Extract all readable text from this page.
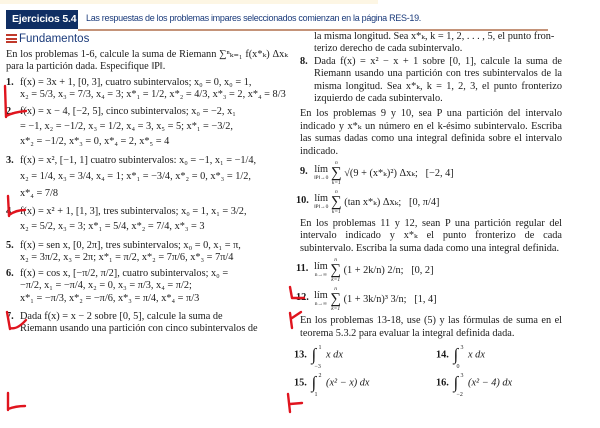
Ejercicios 5.4 Las respuestas de los problemas impares seleccionados comienzan en la página RES-19.
Fundamentos

En los problemas 1-6, calcule la suma de Riemann ∑ⁿₖ₌₁ f(x*ₖ) Δxₖ para la partición dada. Especifique ‖P‖.

1. f(x) = 3x + 1, [0, 3], cuatro subintervalos; x₀ = 0, x₀ = 1,
x₂ = 5/3, x₃ = 7/3, x₄ = 3; x*₁ = 1/2, x*₂ = 4/3, x*₃ = 2, x*₄ = 8/3
2. f(x) = x − 4, [−2, 5], cinco subintervalos; x₀ = −2, x₁
= −1, x₂ = −1/2, x₃ = 1/2, x₄ = 3, x₅ = 5; x*₁ = −3/2,
x*₂ = −1/2, x*₃ = 0, x*₄ = 2, x*₅ = 4
3. f(x) = x², [−1, 1] cuatro subintervalos: x₀ = −1, x₁ = −1/4,
x₂ = 1/4, x₃ = 3/4, x₄ = 1; x*₁ = −3/4, x*₂ = 0, x*₃ = 1/2,
x*₄ = 7/8
4. f(x) = x² + 1, [1, 3], tres subintervalos; x₀ = 1, x₁ = 3/2,
x₂ = 5/2, x₃ = 3; x*₁ = 5/4, x*₂ = 7/4, x*₃ = 3
5. f(x) = sen x, [0, 2π], tres subintervalos; x₀ = 0, x₁ = π,
x₂ = 3π/2, x₃ = 2π; x*₁ = π/2, x*₂ = 7π/6, x*₃ = 7π/4
6. f(x) = cos x, [−π/2, π/2], cuatro subintervalos; x₀ =
−π/2, x₁ = −π/4, x₂ = 0, x₃ = π/3, x₄ = π/2;
x*₁ = −π/3, x*₂ = −π/6, x*₃ = π/4, x*₄ = π/3
7. Dada f(x) = x − 2 sobre [0, 5], calcule la suma de
Riemann usando una partición con cinco subintervalos de
la misma longitud. Sea x*ₖ, k = 1, 2, . . . , 5, el punto fron-
terizo derecho de cada subintervalo.
8. Dada f(x) = x² − x + 1 sobre [0, 1], calcule la suma de Riemann usando una partición con tres subintervalos de la misma longitud. Sea x*ₖ, k = 1, 2, 3, el punto fronterizo izquierdo de cada subintervalo.

En los problemas 9 y 10, sea P una partición del intervalo indicado y x*ₖ un número en el k-ésimo subintervalo. Escriba las sumas dadas como una integral definida sobre el intervalo indicado.

9. lím
‖P‖→0

n
∑
k=1
√(9 + (x*ₖ)²) Δxₖ; [−2, 4]
10. lím
‖P‖→0

n
∑
k=1
(tan x*ₖ) Δxₖ; [0, π/4]

En los problemas 11 y 12, sean P una partición regular del intervalo indicado y x*ₖ el punto fronterizo de cada subintervalo. Escriba la suma dada como una integral definida.

11. lím
n→∞

n
∑
k=1
(1 + 2k/n) 2/n; [0, 2]
12. lím
n→∞

n
∑
k=1
(1 + 3k/n)³ 3/n; [1, 4]

En los problemas 13-18, use (5) y las fórmulas de suma en el teorema 5.3.2 para evaluar la integral definida dada.

13. ∫ 1
−3
x dx	14. ∫ 3
0
x dx
15. ∫ 2
1
(x² − x) dx	16. ∫ 3
−2
(x² − 4) dx
